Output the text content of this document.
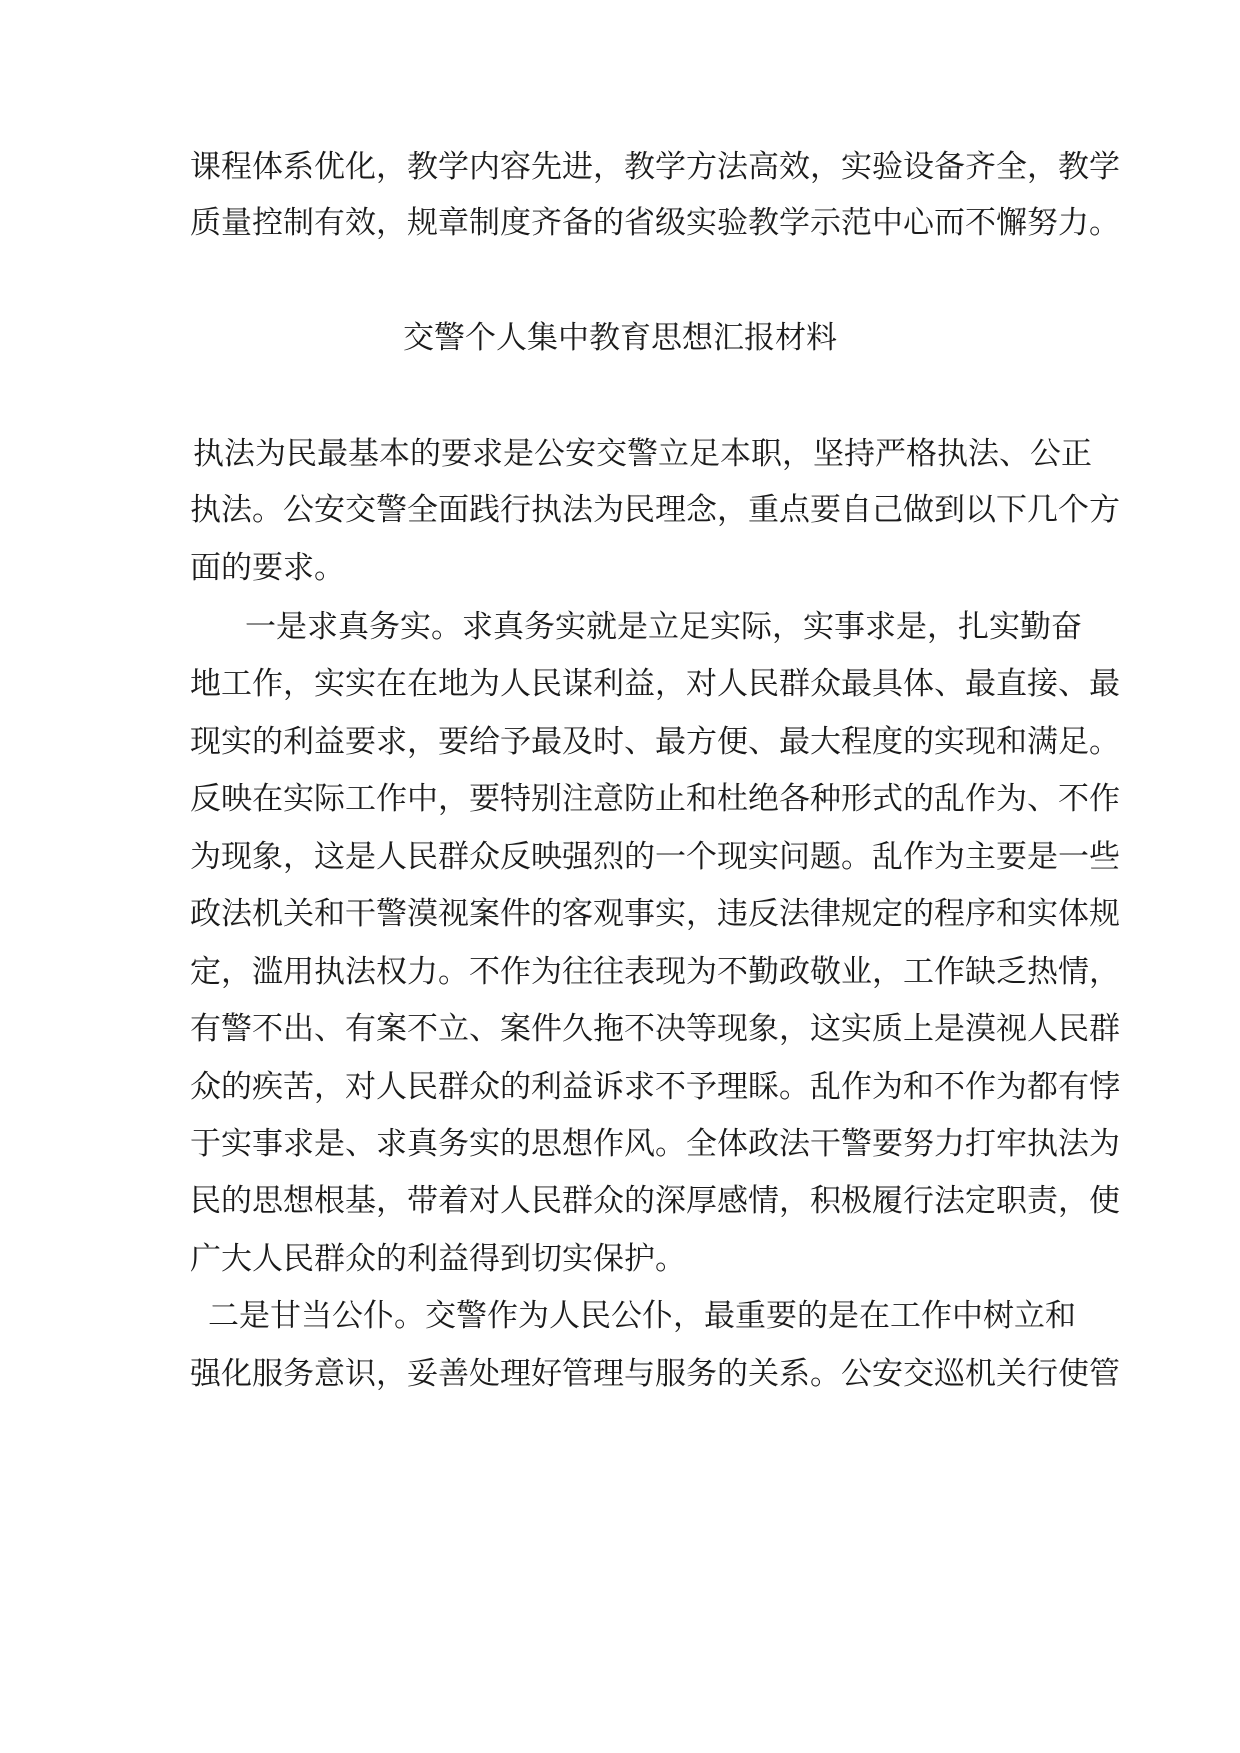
课程体系优化，教学内容先进，教学方法高效，实验设备齐全，教学
质量控制有效，规章制度齐备的省级实验教学示范中心而不懈努力。
交警个人集中教育思想汇报材料
执法为民最基本的要求是公安交警立足本职，坚持严格执法、公正
执法。公安交警全面践行执法为民理念，重点要自己做到以下几个方
面的要求。
一是求真务实。求真务实就是立足实际，实事求是，扎实勤奋
地工作，实实在在地为人民谋利益，对人民群众最具体、最直接、最
现实的利益要求，要给予最及时、最方便、最大程度的实现和满足。
反映在实际工作中，要特别注意防止和杜绝各种形式的乱作为、不作
为现象，这是人民群众反映强烈的一个现实问题。乱作为主要是一些
政法机关和干警漠视案件的客观事实，违反法律规定的程序和实体规
定，滥用执法权力。不作为往往表现为不勤政敬业，工作缺乏热情，
有警不出、有案不立、案件久拖不决等现象，这实质上是漠视人民群
众的疾苦，对人民群众的利益诉求不予理睬。乱作为和不作为都有悖
于实事求是、求真务实的思想作风。全体政法干警要努力打牢执法为
民的思想根基，带着对人民群众的深厚感情，积极履行法定职责，使
广大人民群众的利益得到切实保护。
二是甘当公仆。交警作为人民公仆，最重要的是在工作中树立和
强化服务意识，妥善处理好管理与服务的关系。公安交巡机关行使管
